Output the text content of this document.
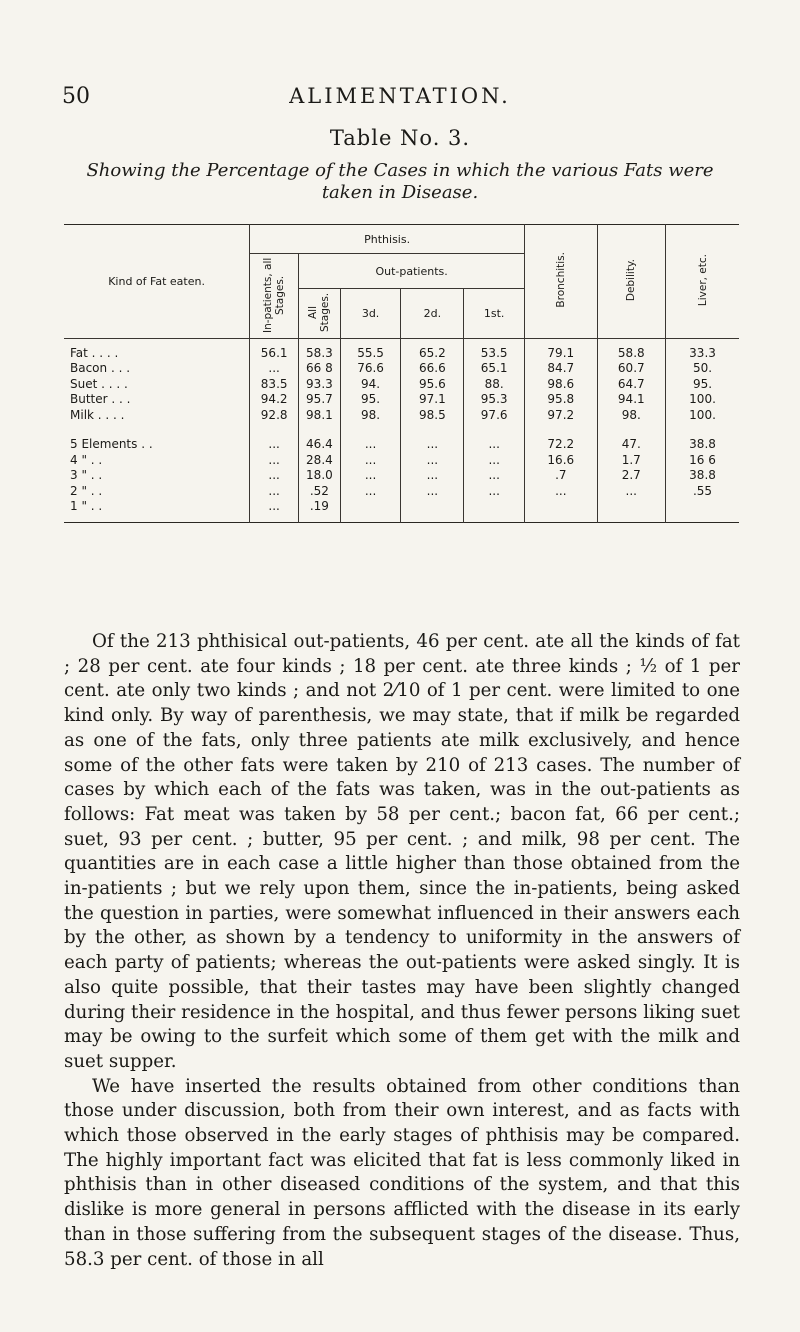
50	ALIMENTATION.
Table No. 3.
Showing the Percentage of the Cases in which the various Fats were taken in Disease.
Kind of Fat eaten.	Phthisis.					Bronchitis.	Debility.	Liver, etc.
	In-patients, all Stages.	Out-patients.						
		All Stages.	3d.	2d.	1st.			
Fat . . . .	56.1	58.3	55.5	65.2	53.5	79.1	58.8	33.3
Bacon . . .	...	66 8	76.6	66.6	65.1	84.7	60.7	50.
Suet . . . .	83.5	93.3	94.	95.6	88.	98.6	64.7	95.
Butter . . .	94.2	95.7	95.	97.1	95.3	95.8	94.1	100.
Milk . . . .	92.8	98.1	98.	98.5	97.6	97.2	98.	100.

5 Elements . .	...	46.4	...	...	...	72.2	47.	38.8
4 " . .	...	28.4	...	...	...	16.6	1.7	16 6
3 " . .	...	18.0	...	...	...	.7	2.7	38.8
2 " . .	...	.52	...	...	...	...	...	.55
1 " . .	...	.19						

Of the 213 phthisical out-patients, 46 per cent. ate all the kinds of fat ; 28 per cent. ate four kinds ; 18 per cent. ate three kinds ; ½ of 1 per cent. ate only two kinds ; and not 2⁄10 of 1 per cent. were limited to one kind only. By way of parenthesis, we may state, that if milk be regarded as one of the fats, only three patients ate milk exclusively, and hence some of the other fats were taken by 210 of 213 cases. The number of cases by which each of the fats was taken, was in the out-patients as follows: Fat meat was taken by 58 per cent.; bacon fat, 66 per cent.; suet, 93 per cent. ; butter, 95 per cent. ; and milk, 98 per cent. The quantities are in each case a little higher than those obtained from the in-patients ; but we rely upon them, since the in-patients, being asked the question in parties, were somewhat influenced in their answers each by the other, as shown by a tendency to uniformity in the answers of each party of patients; whereas the out-patients were asked singly. It is also quite possible, that their tastes may have been slightly changed during their residence in the hospital, and thus fewer persons liking suet may be owing to the surfeit which some of them get with the milk and suet supper.

We have inserted the results obtained from other conditions than those under discussion, both from their own interest, and as facts with which those observed in the early stages of phthisis may be compared. The highly important fact was elicited that fat is less commonly liked in phthisis than in other diseased conditions of the system, and that this dislike is more general in persons afflicted with the disease in its early than in those suffering from the subsequent stages of the disease. Thus, 58.3 per cent. of those in all
